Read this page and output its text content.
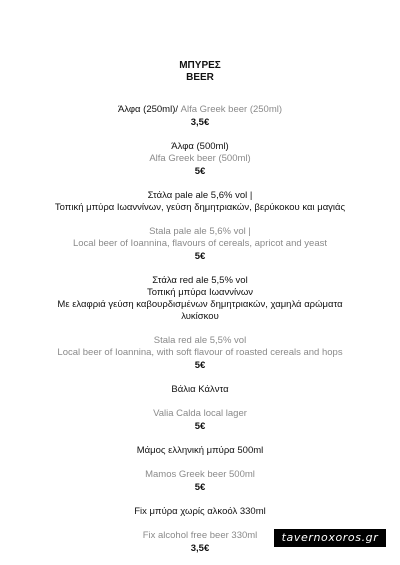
ΜΠΥΡΕΣ
BEER
Άλφα (250ml)/ Alfa Greek beer (250ml)
3,5€
Άλφα (500ml)
Alfa Greek beer (500ml)
5€
Στάλα pale ale 5,6% vol |
Τοπική μπύρα Ιωαννίνων, γεύση δημητριακών, βερύκοκου και μαγιάς
Stala pale ale 5,6% vol |
Local beer of Ioannina, flavours of cereals, apricot and yeast
5€
Στάλα red ale 5,5% vol
Τοπική μπύρα Ιωαννίνων
Με ελαφριά γεύση καβουρδισμένων δημητριακών, χαμηλά αρώματα
λυκίσκου
Stala red ale 5,5% vol
Local beer of Ioannina, with soft flavour of roasted cereals and hops
5€
Βάλια Κάλντα
Valia Calda local lager
5€
Μάμος ελληνική μπύρα 500ml
Mamos Greek beer 500ml
5€
Fix μπύρα χωρίς αλκοόλ 330ml
Fix alcohol free beer 330ml
3,5€
tavernoxoros.gr
